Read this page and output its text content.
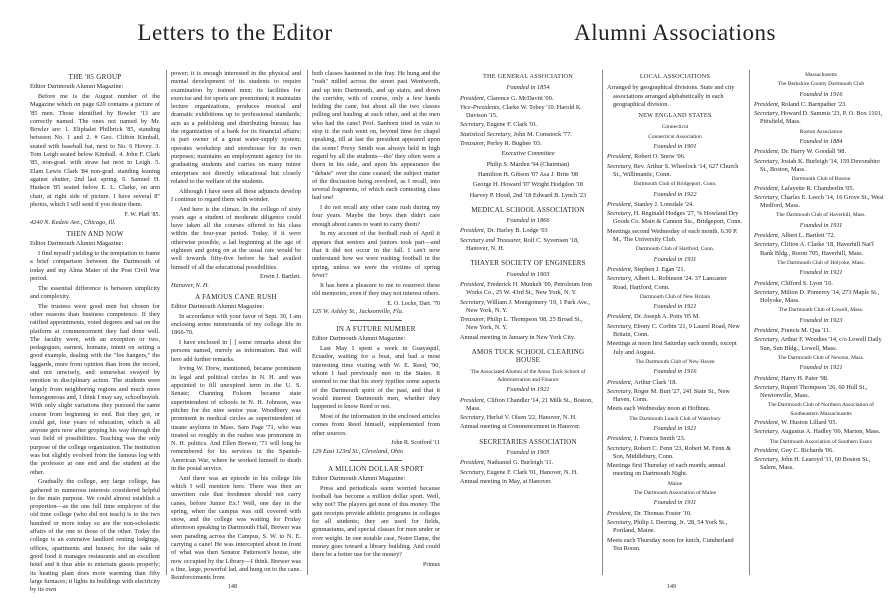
Letters to the Editor
THE '85 GROUP

Editor Dartmouth Alumni Magazine:

Before me is the August number of the Magazine which on page 620 contains a picture of '85 men. Those identified by Bowler '13 are correctly named. The ones not named by Mr. Bowler are: 1. Eliphalet Philbrick '85, standing between No. 1 and 2. # Geo. Clifton Kimball, seated with baseball bat, next to No. 6 Hovey. 3. Tom Leigh seated below Kimball. 4. John F. Clark '85, non-grad. with straw hat next to Leigh. 5. Elam Lewis Clark '84 non-grad. standing leaning against shutter, 2nd last spring. 6. Samuel H. Hudson '85 seated below E. L. Clarke, on arm chair, at right side of picture. I have several 8" photos, which I will send if you desire them.

F. W. Plaff '85.
4240 N. Kedzie Ave., Chicago, Ill.
THEN AND NOW

Editor Dartmouth Alumni Magazine:

I find myself yielding to the temptation to frame a brief comparison between the Dartmouth of today and my Alma Mater of the Post Civil War period.

The essential difference is between simplicity and complexity.

The trustees were good men but chosen for other reasons than business competence. If they ratified appointments, voted degrees and sat on the platform at commencement they had done well. The faculty were, with an exception or two, pedagogues, earnest, humane, intent on setting a good example, dealing with the "foe hangers," the laggards, more from opinion than from the record, and not unwisely, and somewhat swayed by emotion in disciplinary action. The students were largely from neighboring regions and much more homogeneous and, I think I may say, schoolboyish. With only slight variations they pursued the same course from beginning to end. But they got, or could get, four years of education, which is all anyone gets now after groping his way through the vast field of possibilities. Teaching was the only purpose of the college organization. The institution was but slightly evolved from the famous log with the professor at one end and the student at the other.

Gradually the college, any large college, has gathered in numerous interests considered helpful to the main purpose. We could almost establish a proportion—as the one full time employee of the old time college (who did not teach) is to the two hundred or more today so are the non-scholastic affairs of the one to those of the other. Today the college is an extensive landlord renting lodgings, offices, apartments and houses; for the sake of good food it manages restaurants and an excellent hotel and it thus able to entertain guests properly; its heating plant does more warming than fifty large furnaces; it lights its buildings with electricity by its own

power; it is enough interested in the physical and mental development of its students to require examination by trained men; its facilities for exercise and for sports are preeminent; it maintains lecture organizations, produces musical and dramatic exhibitions up to professional standards; acts as a publishing and distributing bureau; has the organization of a bank for its financial affairs; is part owner of a great water-supply system; operates workshop and storehouse for its own purposes; maintains an employment agency for its graduating students and carries on many minor enterprises not directly educational but closely related to the welfare of the students.

Although I have seen all these adjuncts develop I continue to regard them with wonder.

And here is the climax. In the college of sixty years ago a student of moderate diligence could have taken all the courses offered to his class within the four-year period. Today, if it were otherwise possible, a lad beginning at the age of eighteen and going on at the usual rate would be well towards fifty-five before he had availed himself of all the educational possibilities.

Erwin J. Bartlett.
Hanover, N. H.
A FAMOUS CANE RUSH

Editor Dartmouth Alumni Magazine:

In accordance with your favor of Sept. 30, I am enclosing some memoranda of my college life in 1866-70.

I have enclosed in [ ] some remarks about the persons named, merely as information. But will here add further remarks.

Irving W. Drew, mentioned, became prominent in legal and political circles in N. H. and was appointed to fill unexpired term in the U. S. Senate; Channing Folsom became state superintendent of schools in N. H. Johnson, was pitcher for the nine senior year. Woodbury was prominent in medical circles as superintendent of insane asylums in Mass. Sam Page '71, who was treated so roughly in the rushes was prominent in N. H. politics. And Ellen Brewer, '71 will long be remembered for his services in the Spanish-American War, where he worked himself to death in the postal service.

And there was an episode in his college life which I will mention here. There was then an unwritten rule that freshmen should not carry canes, before Junior Ex.! Well, one day in the spring, when the campus was still covered with snow, and the college was waiting for Friday afternoon speaking in Dartmouth Hall, Brewer was seen parading across the Campus, S. W. to N. E. carrying a cane! He was intercepted about in front of what was then Senator Patterson's house, site now occupied by the Library—I think. Brewer was a fine, large, powerful lad, and hung on to the cane. Reinforcements from

both classes hastened to the fray. He hung and the "rush" milled across the street past Wentworth, and up into Dartmouth, and up stairs, and down the corridor, with of course, only a few hands holding the cane, but about all the two classes pulling and hauling at each other, and at the men who had the cane! Prof. Sanborn tried in vain to stop it: the rush went on, beyond time for chapel speaking, till at last the president appeared upon the scene! Prexy Smith was always held in high regard by all the students—tho' they often were a thorn in his side, and upon his appearance the "debate" over the cane ceased; the subject matter of the discussion being revolved, as I recall, into several fragments, of which each contesting class had one!

I do not recall any other cane rush during my four years. Maybe the boys then didn't care enough about canes to want to carry them?

In my account of the football rush of April it appears that seniors and juniors took part—and that it did not occur in the fall. I can't now understand how we were rushing football in the spring, unless we were the victims of spring fever?

It has been a pleasure to me to resurrect these old memories, even if they may not interest others.

E. O. Locke, Dart. '70
125 W. Ashley St., Jacksonville, Fla.
IN A FUTURE NUMBER

Editor Dartmouth Alumni Magazine:

Last May I spent a week in Guayaquil, Ecuador, waiting for a boat, and had a most interesting time visiting with W. E. Reed, '90, whom I had previously met in the States. It seemed to me that his story typifies some aspects of the Dartmouth spirit of the past, and that it would interest Dartmouth men, whether they happened to know Reed or not.

Most of the information in the enclosed articles comes from Reed himself, supplemented from other sources.

John R. Scotford '11
129 East 123rd St., Cleveland, Ohio
A MILLION DOLLAR SPORT

Editor Dartmouth Alumni Magazine:

Press and periodicals seem worried because football has become a million dollar sport. Well, why not? The players get none of this money. The gate receipts provide athletic programs in colleges for all students; they are used for fields, gymnasiums, and special classes for men under or over weight. In one notable case, Notre Dame, the money goes toward a library building. And could there be a better use for the money?

Primus
148
Alumni Associations
THE GENERAL ASSOCIATION
Founded in 1854
President, Clarence G. McDavitt '00.
Vice-Presidents, Clarke W. Tobey '10. Harold K. Davison '15.
Secretary, Eugene F. Clark '01.
Statistical Secretary, John M. Comstock '77.
Treasurer, Perley R. Bugbee '03.
Executive Committee
Philip S. Marden '94 (Chairman)
Hamilton H. Gibson '07 Asa J. Brite '08
George H. Howard '07 Wright Hodgdon '18
Harvey P. Hood, 2nd '18 Edward B. Lynch '23
MEDICAL SCHOOL ASSOCIATION
Founded in 1866
President, Dr. Harley B. Lodge '03
Secretary and Treasurer, Rolf C. Syvertsen '18, Hanover, N. H.
THAYER SOCIETY OF ENGINEERS
Founded in 1903
President, Frederick H. Munkelt '09, Petroleum Iron Works Co., 25 W. 43rd St., New York, N. Y.
Secretary, William J. Montgomery '19, 1 Park Ave., New York, N. Y.
Treasurer, Philip L. Thompson '08, 25 Broad St., New York, N. Y.
Annual meeting in January in New York City.
AMOS TUCK SCHOOL CLEARING HOUSE
The Associated Alumni of the Amos Tuck School of Administration and Finance
Founded in 1921
President, Clifton Chandler '14, 21 Milk St., Boston, Mass.
Secretary, Herluf V. Olsen '22, Hanover, N. H.
Annual meeting at Commencement in Hanover.
SECRETARIES ASSOCIATION
Founded in 1905
President, Nathaniel G. Burleigh '11.
Secretary, Eugene F. Clark '01, Hanover, N. H.
Annual meeting in May, at Hanover.
LOCAL ASSOCIATIONS
Arranged by geographical divisions. State and city associations arranged alphabetically in each geographical division.
NEW ENGLAND STATES
Connecticut
Connecticut Association
Founded in 1901
President, Robert O. Snow '06.
Secretary, Rev. Arthur S. Wheelock '14, 627 Church St., Willimantic, Conn.
Dartmouth Club of Bridgeport, Conn.
Founded in 1922
President, Stanley J. Lonsdale '24.
Secretary, H. Reginald Hodges '27, % Howland Dry Goods Co. Main & Cannon Sts., Bridgeport, Conn.
Meetings second Wednesday of each month. 6.30 P. M., The University Club.
Dartmouth Club of Hartford, Conn.
Founded in 1911
President, Stephen J. Egan '21.
Secretary, Albert L. Robinson '24. 37 Lancaster Road, Hartford, Conn.
Dartmouth Club of New Britain
Founded in 1921
President, Dr. Joseph A. Potts '05 M.
Secretary, Ebony C. Corbin '21, 9 Laurel Road, New Britain, Conn.
Meetings at noon first Saturday each month, except July and August.
The Dartmouth Club of New Haven
Founded in 1916
President, Arthur Clark '18.
Secretary, Roger M. Burt '27, 241 State St., New Haven, Conn.
Meets each Wednesday noon at Hofbrau.
The Dartmouth Lunch Club of Waterbury
Founded in 1921
President, J. Francis Smith '23.
Secretary, Robert C. Fenn '23, Robert M. Fenn & Son, Middlebury, Conn.
Meetings first Thursday of each month; annual meeting on Dartmouth Night.
Maine
The Dartmouth Association of Maine
Founded in 1911
President, Dr. Thomas Foster '10.
Secretary, Philip J. Deering, Jr. '28, 54 York St., Portland, Maine.
Meets each Thursday noon for lunch, Cumberland Tea Room.
Massachusetts
The Berkshire County Dartmouth Club
Founded in 1916
President, Roland C. Barnpather '23.
Secretary, Howard D. Sammis '23, P. O. Box 1101, Pittsfield, Mass.
Boston Association
Founded in 1884
President, Dr. Harry W. Goodall '98.
Secretary, Josiah K. Burleigh '14, 159 Devonshire St., Boston, Mass.
Dartmouth Club of Boston
President, Lafayette R. Chamberlin '05.
Secretary, Charles E. Leech '14, 16 Grove St., West Medford, Mass.
The Dartmouth Club of Haverhill, Mass.
Founded in 1911
President, Albert L. Bartlett '72.
Secretary, Clifton A. Clarke '18, Haverhill Nat'l Bank Bldg., Room 705, Haverhill, Mass.
The Dartmouth Club of Holyoke, Mass.
Founded in 1921
President, Clifford S. Lyon '10.
Secretary, Milton D. Pomeroy '14, 273 Maple St., Holyoke, Mass.
The Dartmouth Club of Lowell, Mass.
Founded in 1923
President, Francis M. Qua '11.
Secretary, Arthur F. Woodies '14, c/o Lowell Daily Sun, Sun Bldg., Lowell, Mass.
The Dartmouth Club of Newton, Mass.
Founded in 1921
President, Harry H. Pater '98.
Secretary, Rupert Thompson '26, 60 Hull St., Newtonville, Mass.
The Dartmouth Club of Northern Association of Southeastern Massachusetts
President, W. Huston Lillard '05.
Secretary, Augustus A. Hadley '00, Marion, Mass.
The Dartmouth Association of Southern Essex
President, Guy C. Richards '06.
Secretary, John H. Learoyd '11, 60 Boston St., Salem, Mass.
149
